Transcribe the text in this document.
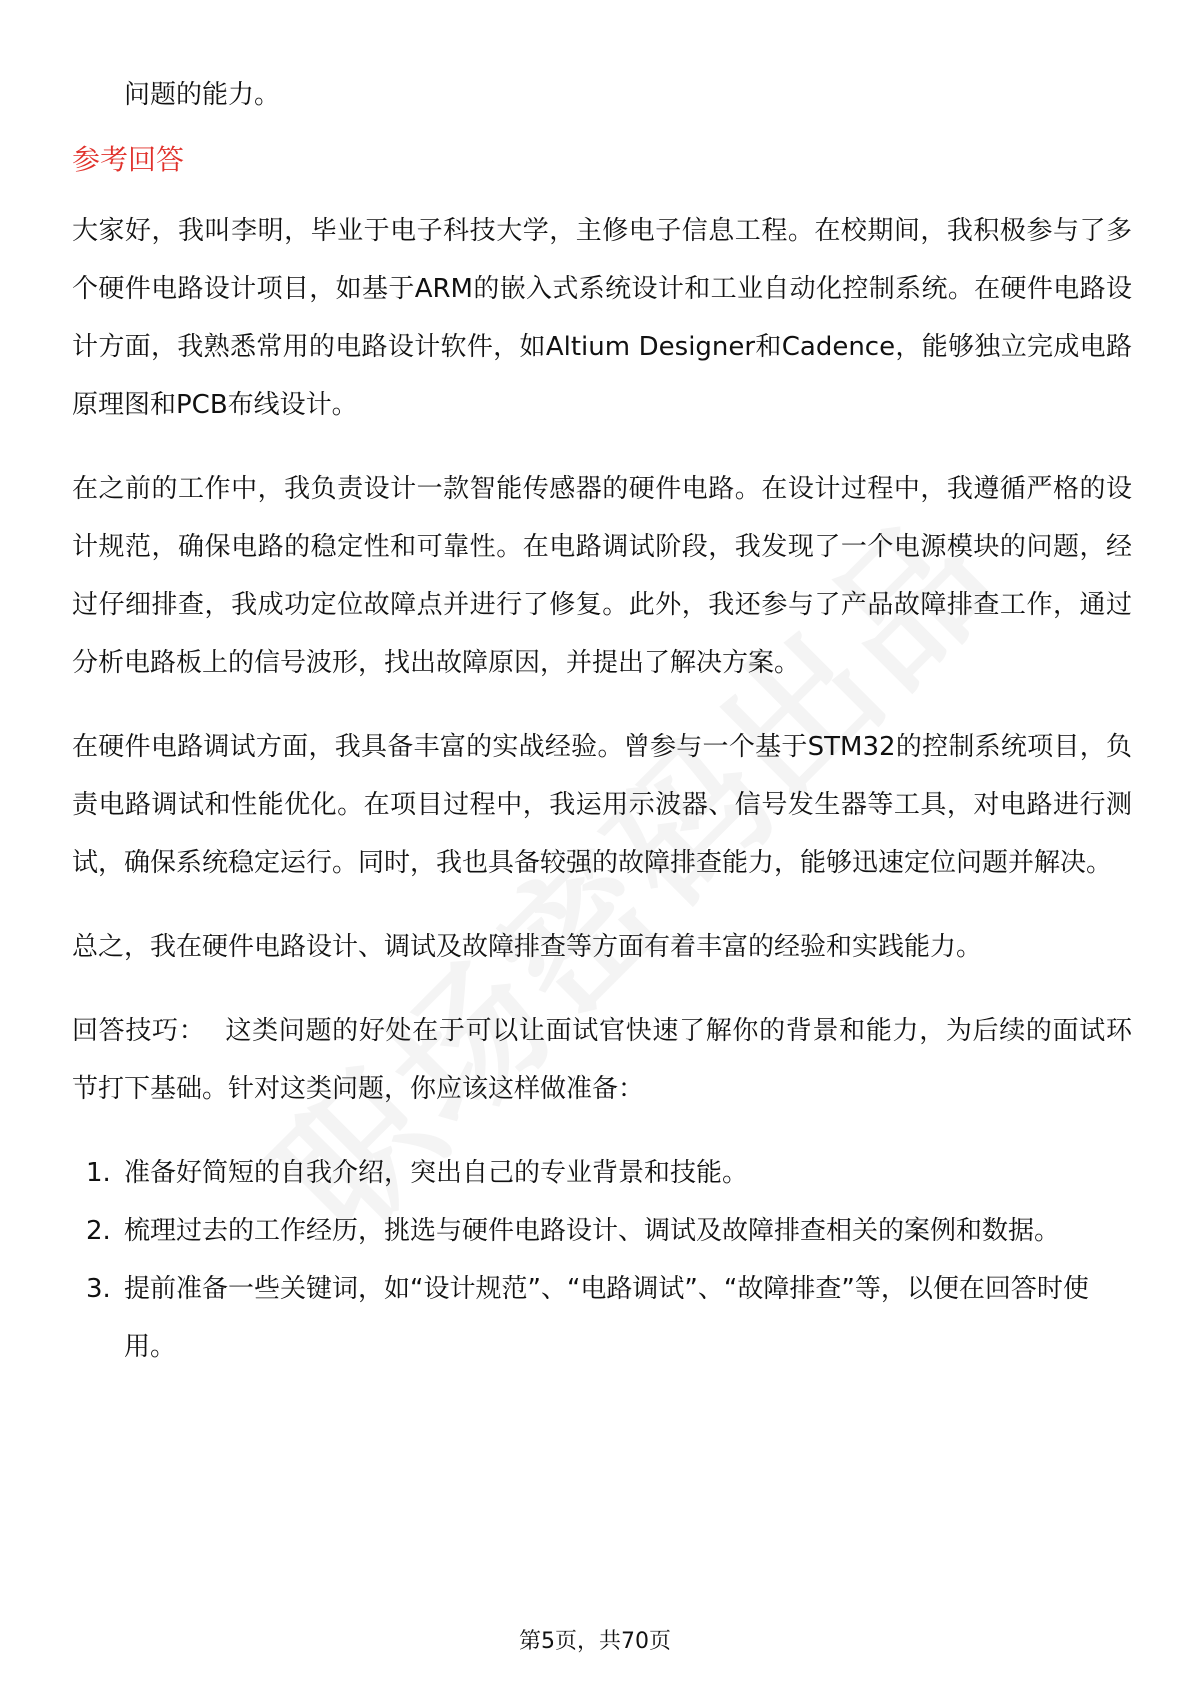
问题的能力。

参考回答

大家好，我叫李明，毕业于电子科技大学，主修电子信息工程。在校期间，我积极参与了多个硬件电路设计项目，如基于ARM的嵌入式系统设计和工业自动化控制系统。在硬件电路设计方面，我熟悉常用的电路设计软件，如Altium Designer和Cadence，能够独立完成电路原理图和PCB布线设计。

在之前的工作中，我负责设计一款智能传感器的硬件电路。在设计过程中，我遵循严格的设计规范，确保电路的稳定性和可靠性。在电路调试阶段，我发现了一个电源模块的问题，经过仔细排查，我成功定位故障点并进行了修复。此外，我还参与了产品故障排查工作，通过分析电路板上的信号波形，找出故障原因，并提出了解决方案。

在硬件电路调试方面，我具备丰富的实战经验。曾参与一个基于STM32的控制系统项目，负责电路调试和性能优化。在项目过程中，我运用示波器、信号发生器等工具，对电路进行测试，确保系统稳定运行。同时，我也具备较强的故障排查能力，能够迅速定位问题并解决。

总之，我在硬件电路设计、调试及故障排查等方面有着丰富的经验和实践能力。

回答技巧： 这类问题的好处在于可以让面试官快速了解你的背景和能力，为后续的面试环节打下基础。针对这类问题，你应该这样做准备：

1. 准备好简短的自我介绍，突出自己的专业背景和技能。
2. 梳理过去的工作经历，挑选与硬件电路设计、调试及故障排查相关的案例和数据。
3. 提前准备一些关键词，如“设计规范”、“电路调试”、“故障排查”等，以便在回答时使用。
第5页，共70页
